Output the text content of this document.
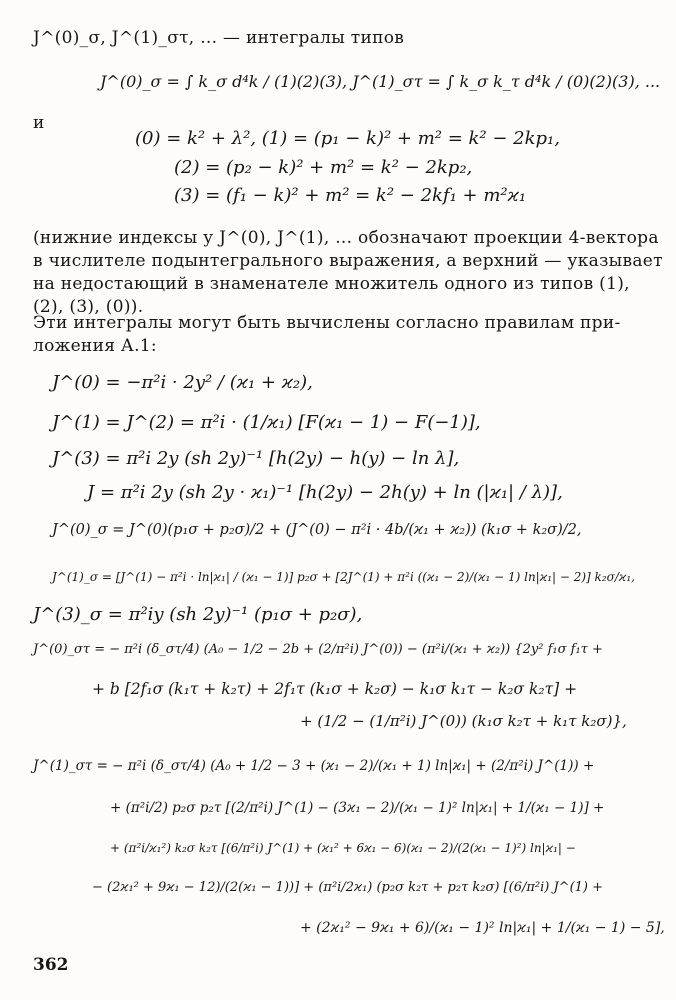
J^(0)_σ, J^(1)_στ, ... — интегралы типов
J^(0)_σ = ∫ k_σ d⁴k / (1)(2)(3), J^(1)_στ = ∫ k_σ k_τ d⁴k / (0)(2)(3), ...
и
(0) = k² + λ², (1) = (p₁ − k)² + m² = k² − 2kp₁,
(2) = (p₂ − k)² + m² = k² − 2kp₂,
(3) = (f₁ − k)² + m² = k² − 2kf₁ + m²ϰ₁
(нижние индексы у J^(0), J^(1), ... обозначают проекции 4-вектора
в числителе подынтегрального выражения, а верхний — указывает
на недостающий в знаменателе множитель одного из типов (1),
(2), (3), (0)).
Эти интегралы могут быть вычислены согласно правилам при-
ложения А.1:
J^(0) = −π²i · 2y² / (ϰ₁ + ϰ₂),
J^(1) = J^(2) = π²i · (1/ϰ₁) [F(ϰ₁ − 1) − F(−1)],
J^(3) = π²i 2y (sh 2y)⁻¹ [h(2y) − h(y) − ln λ],
J = π²i 2y (sh 2y · ϰ₁)⁻¹ [h(2y) − 2h(y) + ln (|ϰ₁| / λ)],
J^(0)_σ = J^(0)(p₁σ + p₂σ)/2 + (J^(0) − π²i · 4b/(ϰ₁ + ϰ₂)) (k₁σ + k₂σ)/2,
J^(1)_σ = [J^(1) − π²i · ln|ϰ₁| / (ϰ₁ − 1)] p₂σ + [2J^(1) + π²i ((ϰ₁ − 2)/(ϰ₁ − 1) ln|ϰ₁| − 2)] k₂σ/ϰ₁,
J^(3)_σ = π²iy (sh 2y)⁻¹ (p₁σ + p₂σ),
J^(0)_στ = − π²i (δ_στ/4) (A₀ − 1/2 − 2b + (2/π²i) J^(0)) − (π²i/(ϰ₁ + ϰ₂)) {2y² f₁σ f₁τ +
+ b [2f₁σ (k₁τ + k₂τ) + 2f₁τ (k₁σ + k₂σ) − k₁σ k₁τ − k₂σ k₂τ] +
+ (1/2 − (1/π²i) J^(0)) (k₁σ k₂τ + k₁τ k₂σ)},
J^(1)_στ = − π²i (δ_στ/4) (A₀ + 1/2 − 3 + (ϰ₁ − 2)/(ϰ₁ + 1) ln|ϰ₁| + (2/π²i) J^(1)) +
+ (π²i/2) p₂σ p₂τ [(2/π²i) J^(1) − (3ϰ₁ − 2)/(ϰ₁ − 1)² ln|ϰ₁| + 1/(ϰ₁ − 1)] +
+ (π²i/ϰ₁²) k₂σ k₂τ [(6/π²i) J^(1) + (ϰ₁² + 6ϰ₁ − 6)(ϰ₁ − 2)/(2(ϰ₁ − 1)²) ln|ϰ₁| −
− (2ϰ₁² + 9ϰ₁ − 12)/(2(ϰ₁ − 1))] + (π²i/2ϰ₁) (p₂σ k₂τ + p₂τ k₂σ) [(6/π²i) J^(1) +
+ (2ϰ₁² − 9ϰ₁ + 6)/(ϰ₁ − 1)² ln|ϰ₁| + 1/(ϰ₁ − 1) − 5],
362
